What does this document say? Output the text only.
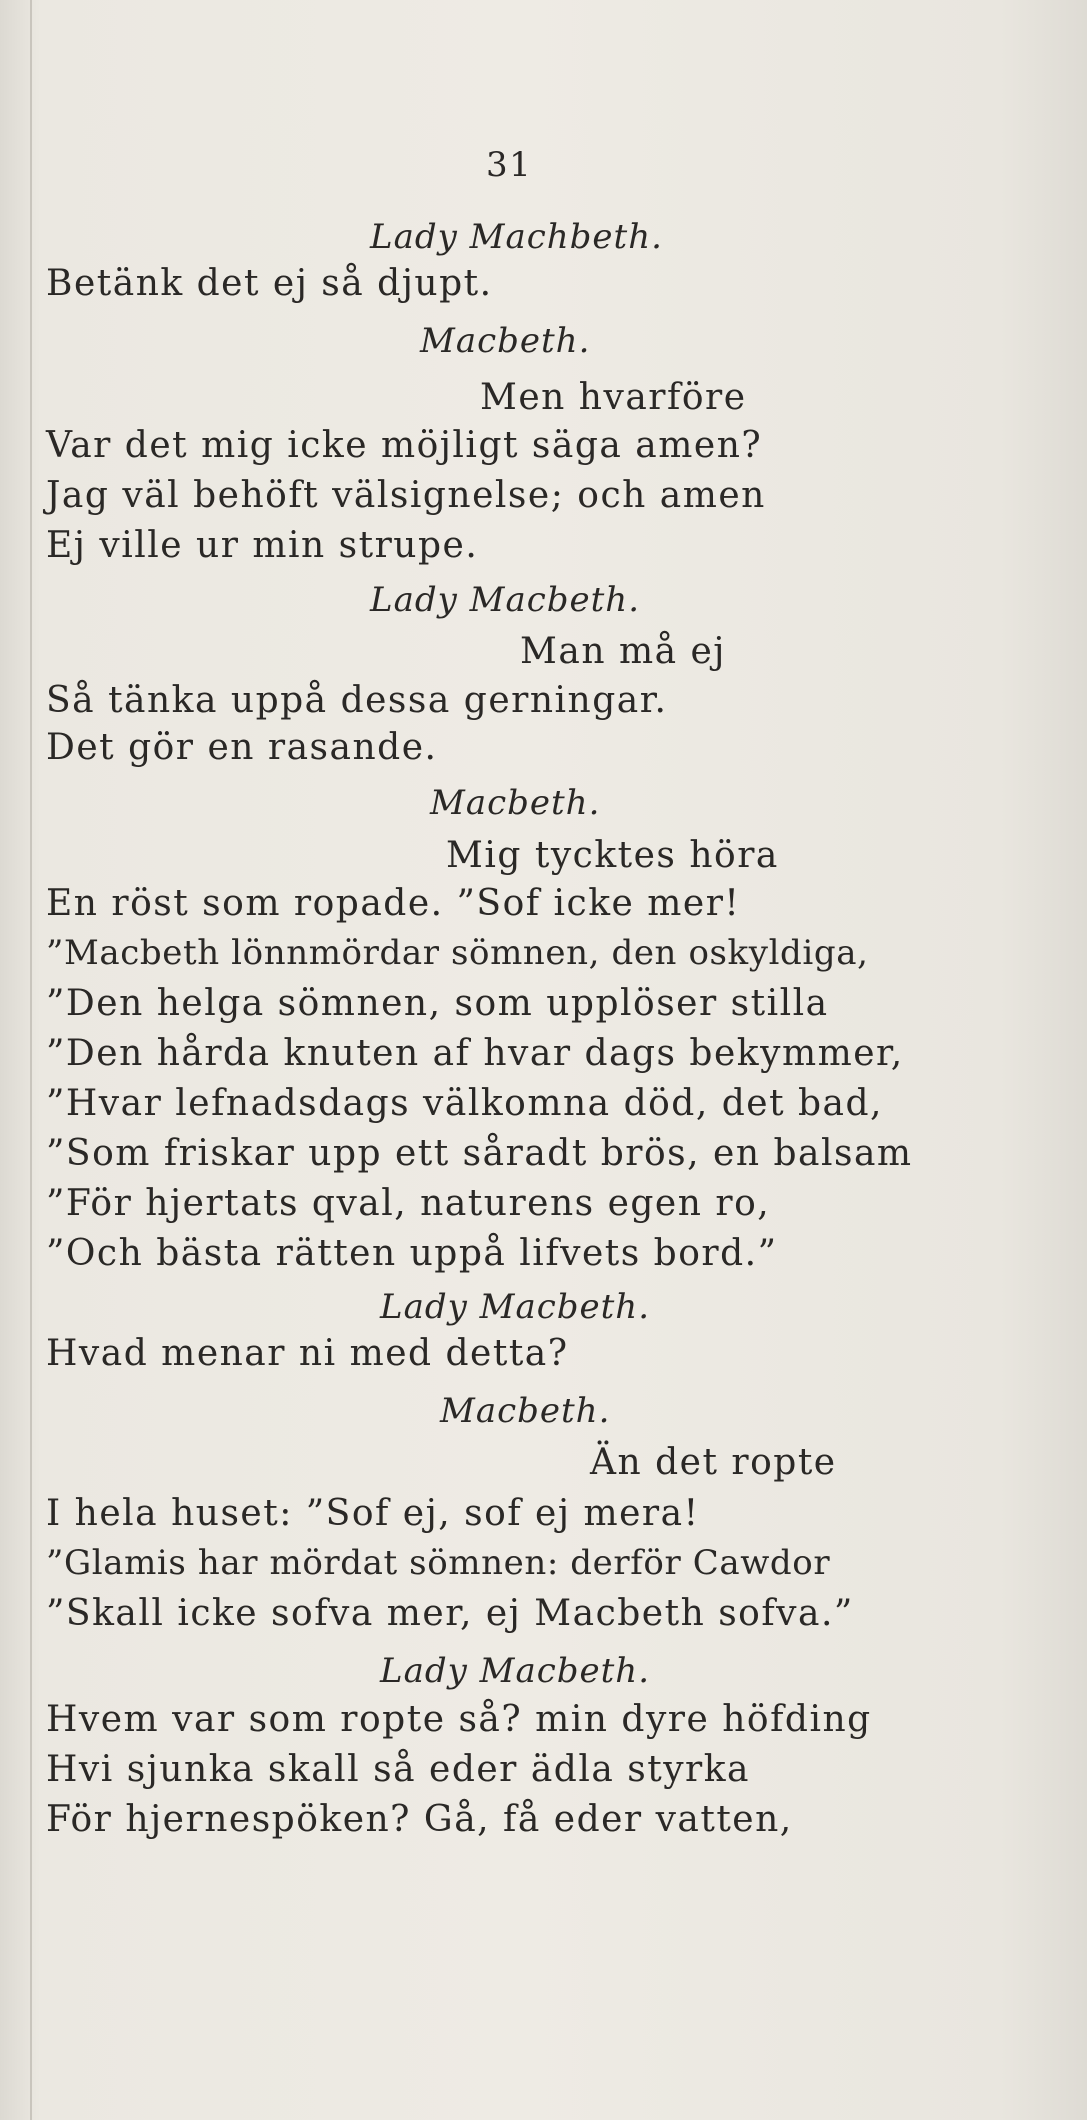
31
Lady Machbeth.
Betänk det ej så djupt.
Macbeth.
Men hvarföre
Var det mig icke möjligt säga amen?
Jag väl behöft välsignelse; och amen
Ej ville ur min strupe.
Lady Macbeth.
Man må ej
Så tänka uppå dessa gerningar.
Det gör en rasande.
Macbeth.
Mig tycktes höra
En röst som ropade. ”Sof icke mer!
”Macbeth lönnmördar sömnen, den oskyldiga,
”Den helga sömnen, som upplöser stilla
”Den hårda knuten af hvar dags bekymmer,
”Hvar lefnadsdags välkomna död, det bad,
”Som friskar upp ett såradt brös, en balsam
”För hjertats qval, naturens egen ro,
”Och bästa rätten uppå lifvets bord.”
Lady Macbeth.
Hvad menar ni med detta?
Macbeth.
Än det ropte
I hela huset: ”Sof ej, sof ej mera!
”Glamis har mördat sömnen: derför Cawdor
”Skall icke sofva mer, ej Macbeth sofva.”
Lady Macbeth.
Hvem var som ropte så? min dyre höfding
Hvi sjunka skall så eder ädla styrka
För hjernespöken? Gå, få eder vatten,
